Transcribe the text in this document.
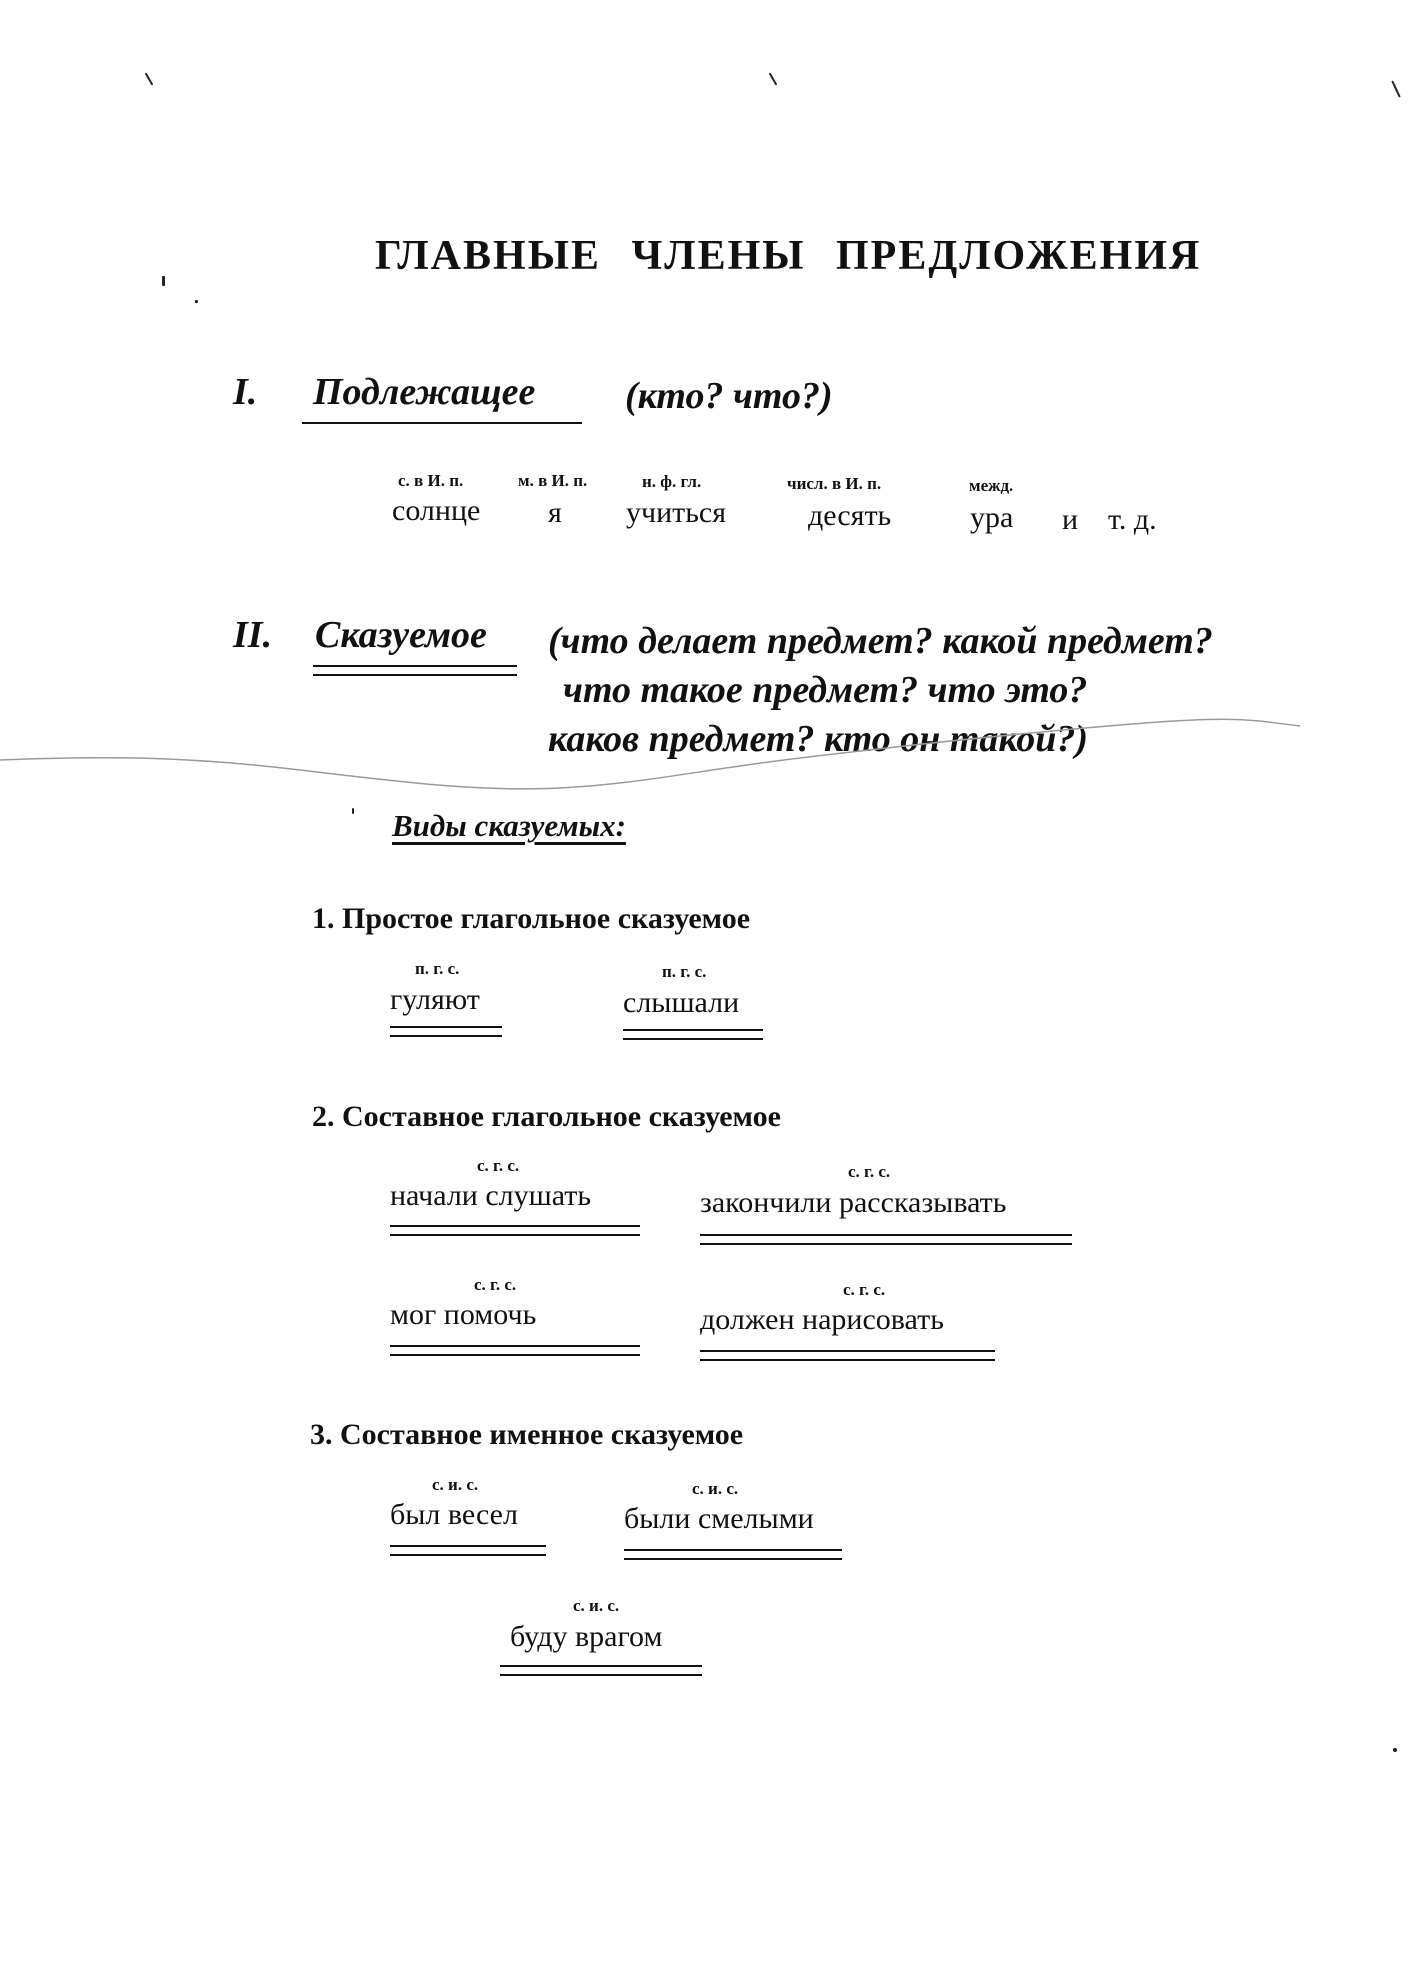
ГЛАВНЫЕ ЧЛЕНЫ ПРЕДЛОЖЕНИЯ
I. Подлежащее (кто? что?)
с. в И. п.
солнце
м. в И. п.
я
н. ф. гл.
учиться
числ. в И. п.
десять
межд.
ура и т. д.
II. Сказуемое (что делает предмет? какой предмет?
что такое предмет? что это?
каков предмет? кто он такой?)
Виды сказуемых:
1. Простое глагольное сказуемое
п. г. с.
гуляют
п. г. с.
слышали
2. Составное глагольное сказуемое
с. г. с.
начали слушать
с. г. с.
закончили рассказывать
с. г. с.
мог помочь
с. г. с.
должен нарисовать
3. Составное именное сказуемое
с. и. с.
был весел
с. и. с.
были смелыми
с. и. с.
буду врагом
